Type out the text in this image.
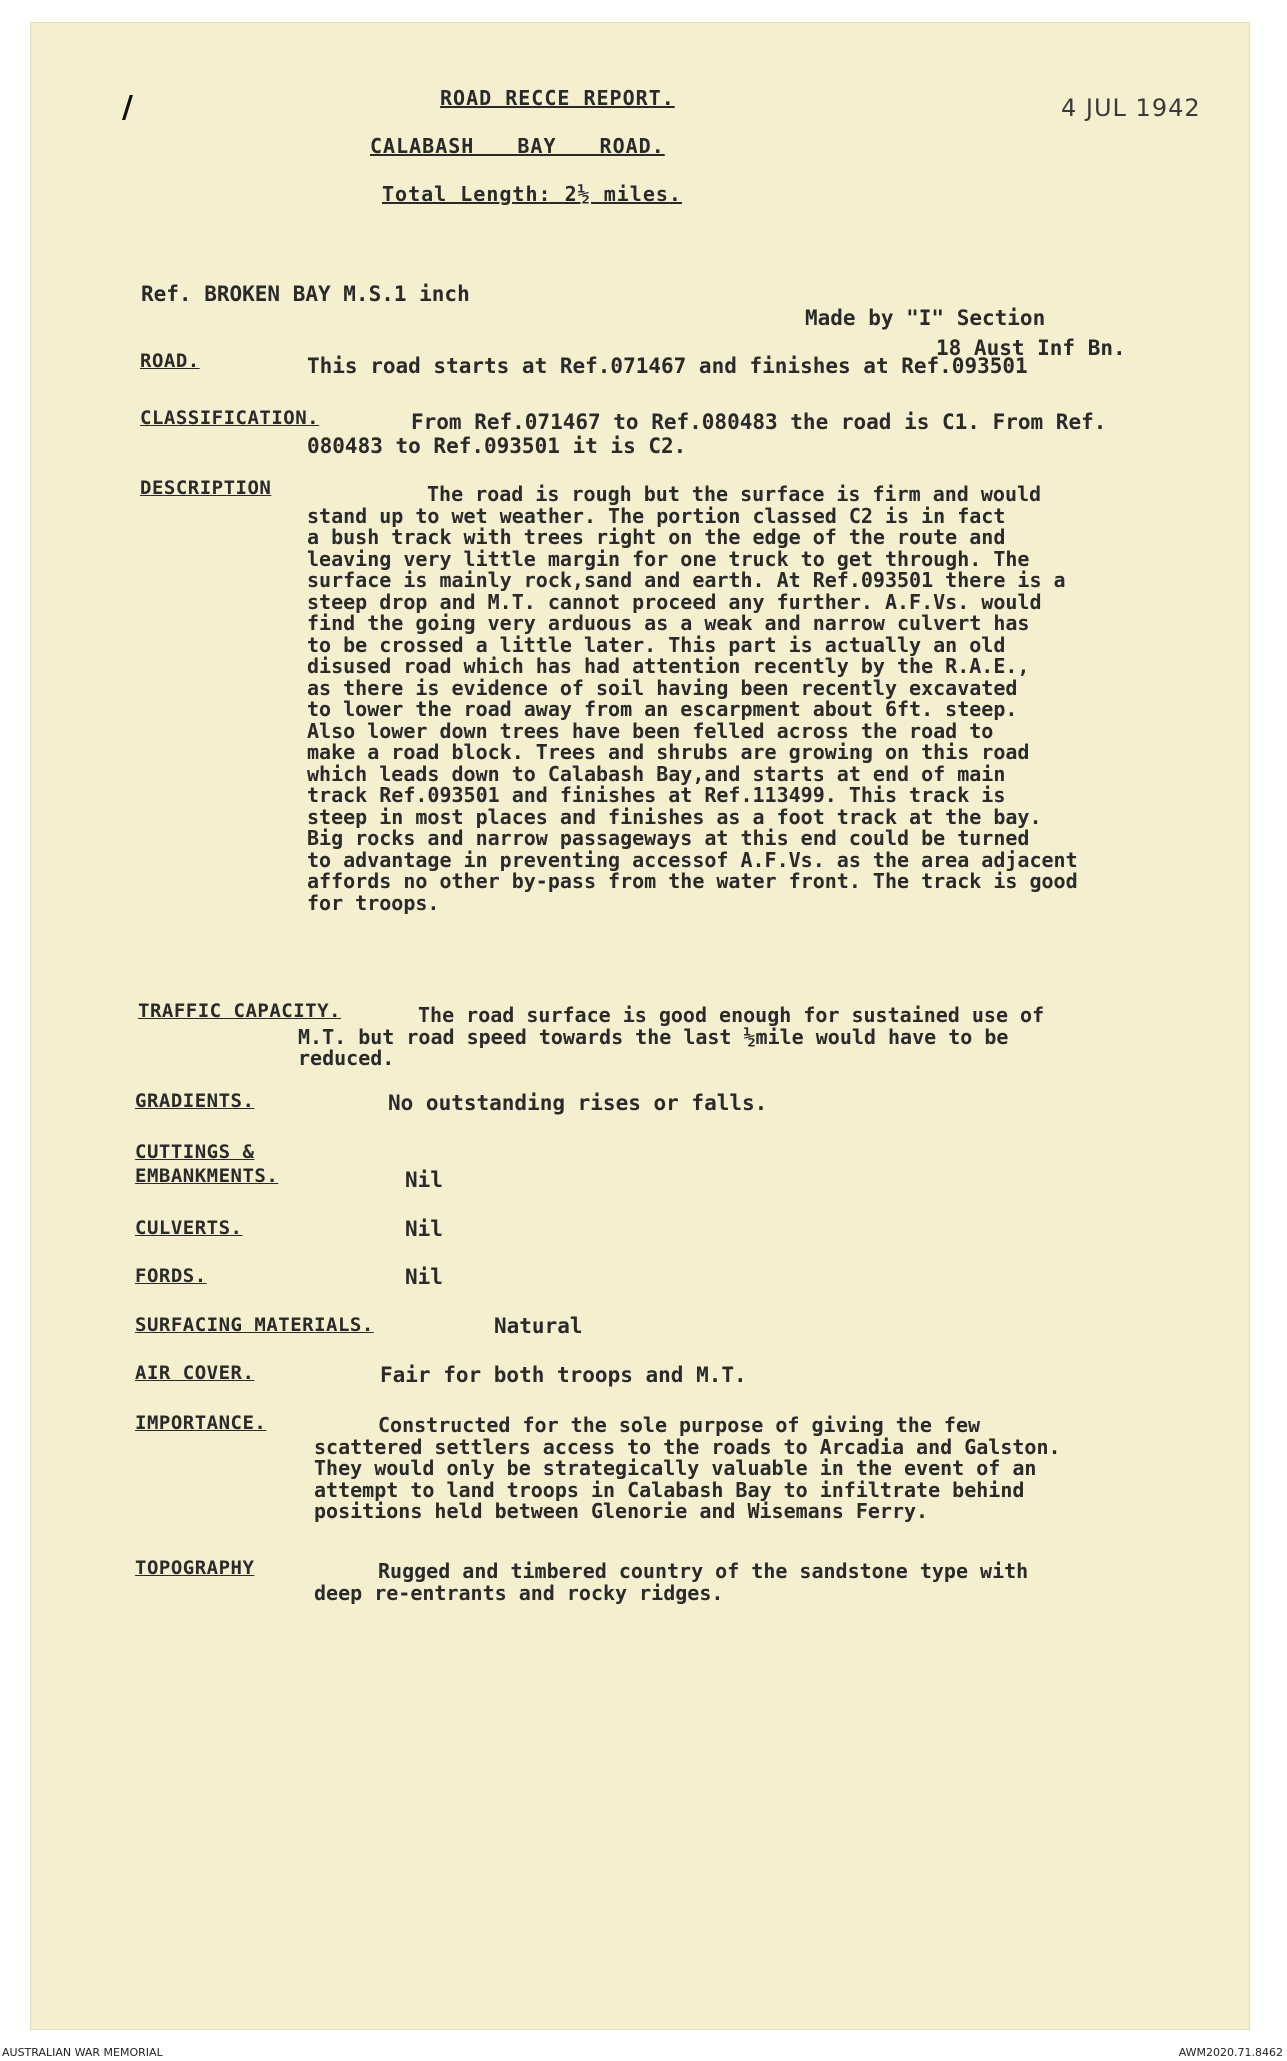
/	ROAD RECCE REPORT.	4 JUL 1942
CALABASH BAY ROAD.
Total Length: 2½ miles.
Ref. BROKEN BAY M.S.1 inch
Made by "I" Section
18 Aust Inf Bn.
ROAD.	This road starts at Ref.071467 and finishes at Ref.093501
CLASSIFICATION.	From Ref.071467 to Ref.080483 the road is C1. From Ref.
080483 to Ref.093501 it is C2.
DESCRIPTION	The road is rough but the surface is firm and would
stand up to wet weather. The portion classed C2 is in fact
a bush track with trees right on the edge of the route and
leaving very little margin for one truck to get through. The
surface is mainly rock,sand and earth. At Ref.093501 there is a
steep drop and M.T. cannot proceed any further. A.F.Vs. would
find the going very arduous as a weak and narrow culvert has
to be crossed a little later. This part is actually an old
disused road which has had attention recently by the R.A.E.,
as there is evidence of soil having been recently excavated
to lower the road away from an escarpment about 6ft. steep.
Also lower down trees have been felled across the road to
make a road block. Trees and shrubs are growing on this road
which leads down to Calabash Bay,and starts at end of main
track Ref.093501 and finishes at Ref.113499. This track is
steep in most places and finishes as a foot track at the bay.
Big rocks and narrow passageways at this end could be turned
to advantage in preventing accessof A.F.Vs. as the area adjacent
affords no other by-pass from the water front. The track is good
for troops.
TRAFFIC CAPACITY.	The road surface is good enough for sustained use of
M.T. but road speed towards the last ½mile would have to be
reduced.
GRADIENTS.	No outstanding rises or falls.
CUTTINGS &
EMBANKMENTS.	Nil
CULVERTS.	Nil
FORDS.	Nil
SURFACING MATERIALS.	Natural
AIR COVER.	Fair for both troops and M.T.
IMPORTANCE.	Constructed for the sole purpose of giving the few
scattered settlers access to the roads to Arcadia and Galston.
They would only be strategically valuable in the event of an
attempt to land troops in Calabash Bay to infiltrate behind
positions held between Glenorie and Wisemans Ferry.
TOPOGRAPHY	Rugged and timbered country of the sandstone type with
deep re-entrants and rocky ridges.
AUSTRALIAN WAR MEMORIAL	AWM2020.71.8462
